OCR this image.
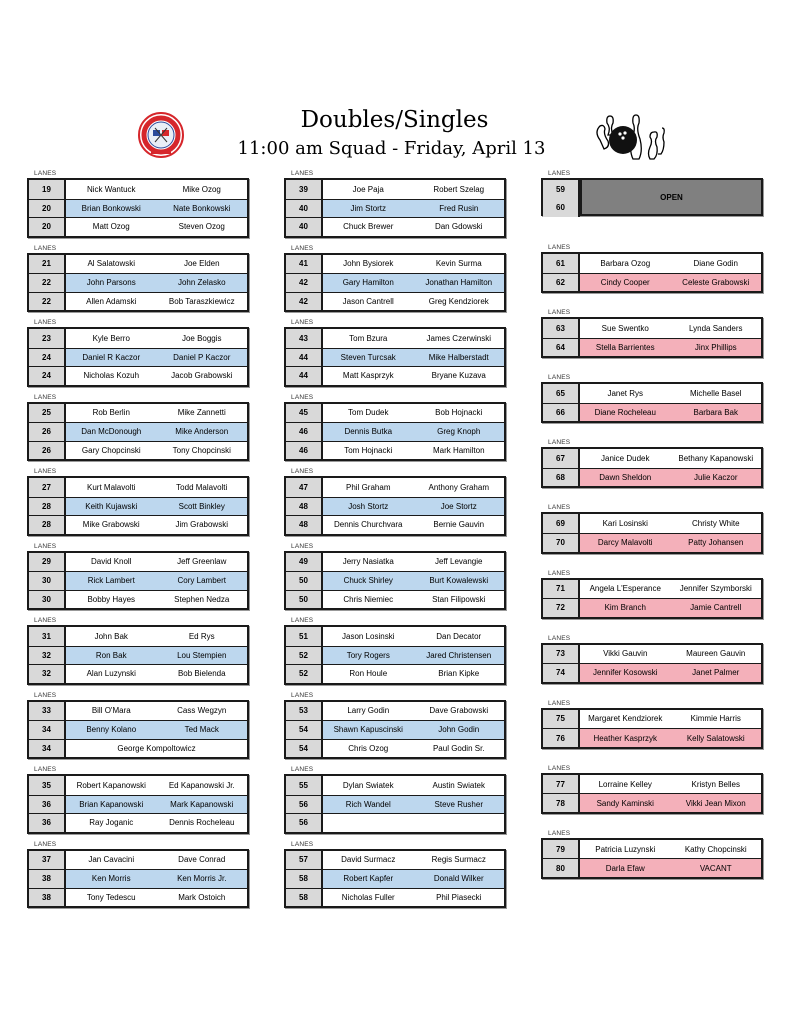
Doubles/Singles
11:00 am Squad - Friday, April 13
LANES
19	Nick Wantuck	Mike Ozog
20	Brian Bonkowski	Nate Bonkowski
20	Matt Ozog	Steven Ozog
LANES
21	Al Salatowski	Joe Elden
22	John Parsons	John Zelasko
22	Allen Adamski	Bob Taraszkiewicz
LANES
23	Kyle Berro	Joe Boggis
24	Daniel R Kaczor	Daniel P Kaczor
24	Nicholas Kozuh	Jacob Grabowski
LANES
25	Rob Berlin	Mike Zannetti
26	Dan McDonough	Mike Anderson
26	Gary Chopcinski	Tony Chopcinski
LANES
27	Kurt Malavolti	Todd Malavolti
28	Keith Kujawski	Scott Binkley
28	Mike Grabowski	Jim Grabowski
LANES
29	David Knoll	Jeff Greenlaw
30	Rick Lambert	Cory Lambert
30	Bobby Hayes	Stephen Nedza
LANES
31	John Bak	Ed Rys
32	Ron Bak	Lou Stempien
32	Alan Luzynski	Bob Bielenda
LANES
33	Bill O'Mara	Cass Wegzyn
34	Benny Kolano	Ted Mack
34	George Kompoltowicz
LANES
35	Robert Kapanowski	Ed Kapanowski Jr.
36	Brian Kapanowski	Mark Kapanowski
36	Ray Joganic	Dennis Rocheleau
LANES
37	Jan Cavacini	Dave Conrad
38	Ken Morris	Ken Morris Jr.
38	Tony Tedescu	Mark Ostoich
LANES
39	Joe Paja	Robert Szelag
40	Jim Stortz	Fred Rusin
40	Chuck Brewer	Dan Gdowski
LANES
41	John Bysiorek	Kevin Surma
42	Gary Hamilton	Jonathan Hamilton
42	Jason Cantrell	Greg Kendziorek
LANES
43	Tom Bzura	James Czerwinski
44	Steven Turcsak	Mike Halberstadt
44	Matt Kasprzyk	Bryane Kuzava
LANES
45	Tom Dudek	Bob Hojnacki
46	Dennis Butka	Greg Knoph
46	Tom Hojnacki	Mark Hamilton
LANES
47	Phil Graham	Anthony Graham
48	Josh Stortz	Joe Stortz
48	Dennis Churchvara	Bernie Gauvin
LANES
49	Jerry Nasiatka	Jeff Levangie
50	Chuck Shirley	Burt Kowalewski
50	Chris Niemiec	Stan Filipowski
LANES
51	Jason Losinski	Dan Decator
52	Tory Rogers	Jared Christensen
52	Ron Houle	Brian Kipke
LANES
53	Larry Godin	Dave Grabowski
54	Shawn Kapuscinski	John Godin
54	Chris Ozog	Paul Godin Sr.
LANES
55	Dylan Swiatek	Austin Swiatek
56	Rich Wandel	Steve Rusher
56
LANES
57	David Surmacz	Regis Surmacz
58	Robert Kapfer	Donald Wilker
58	Nicholas Fuller	Phil Piasecki
LANES
59
60
OPEN
LANES
61	Barbara Ozog	Diane Godin
62	Cindy Cooper	Celeste Grabowski
LANES
63	Sue Swentko	Lynda Sanders
64	Stella Barrientes	Jinx Phillips
LANES
65	Janet Rys	Michelle Basel
66	Diane Rocheleau	Barbara Bak
LANES
67	Janice Dudek	Bethany Kapanowski
68	Dawn Sheldon	Julie Kaczor
LANES
69	Kari Losinski	Christy White
70	Darcy Malavolti	Patty Johansen
LANES
71	Angela L'Esperance	Jennifer Szymborski
72	Kim Branch	Jamie Cantrell
LANES
73	Vikki Gauvin	Maureen Gauvin
74	Jennifer Kosowski	Janet Palmer
LANES
75	Margaret Kendziorek	Kimmie Harris
76	Heather Kasprzyk	Kelly Salatowski
LANES
77	Lorraine Kelley	Kristyn Belles
78	Sandy Kaminski	Vikki Jean Mixon
LANES
79	Patricia Luzynski	Kathy Chopcinski
80	Darla Efaw	VACANT
